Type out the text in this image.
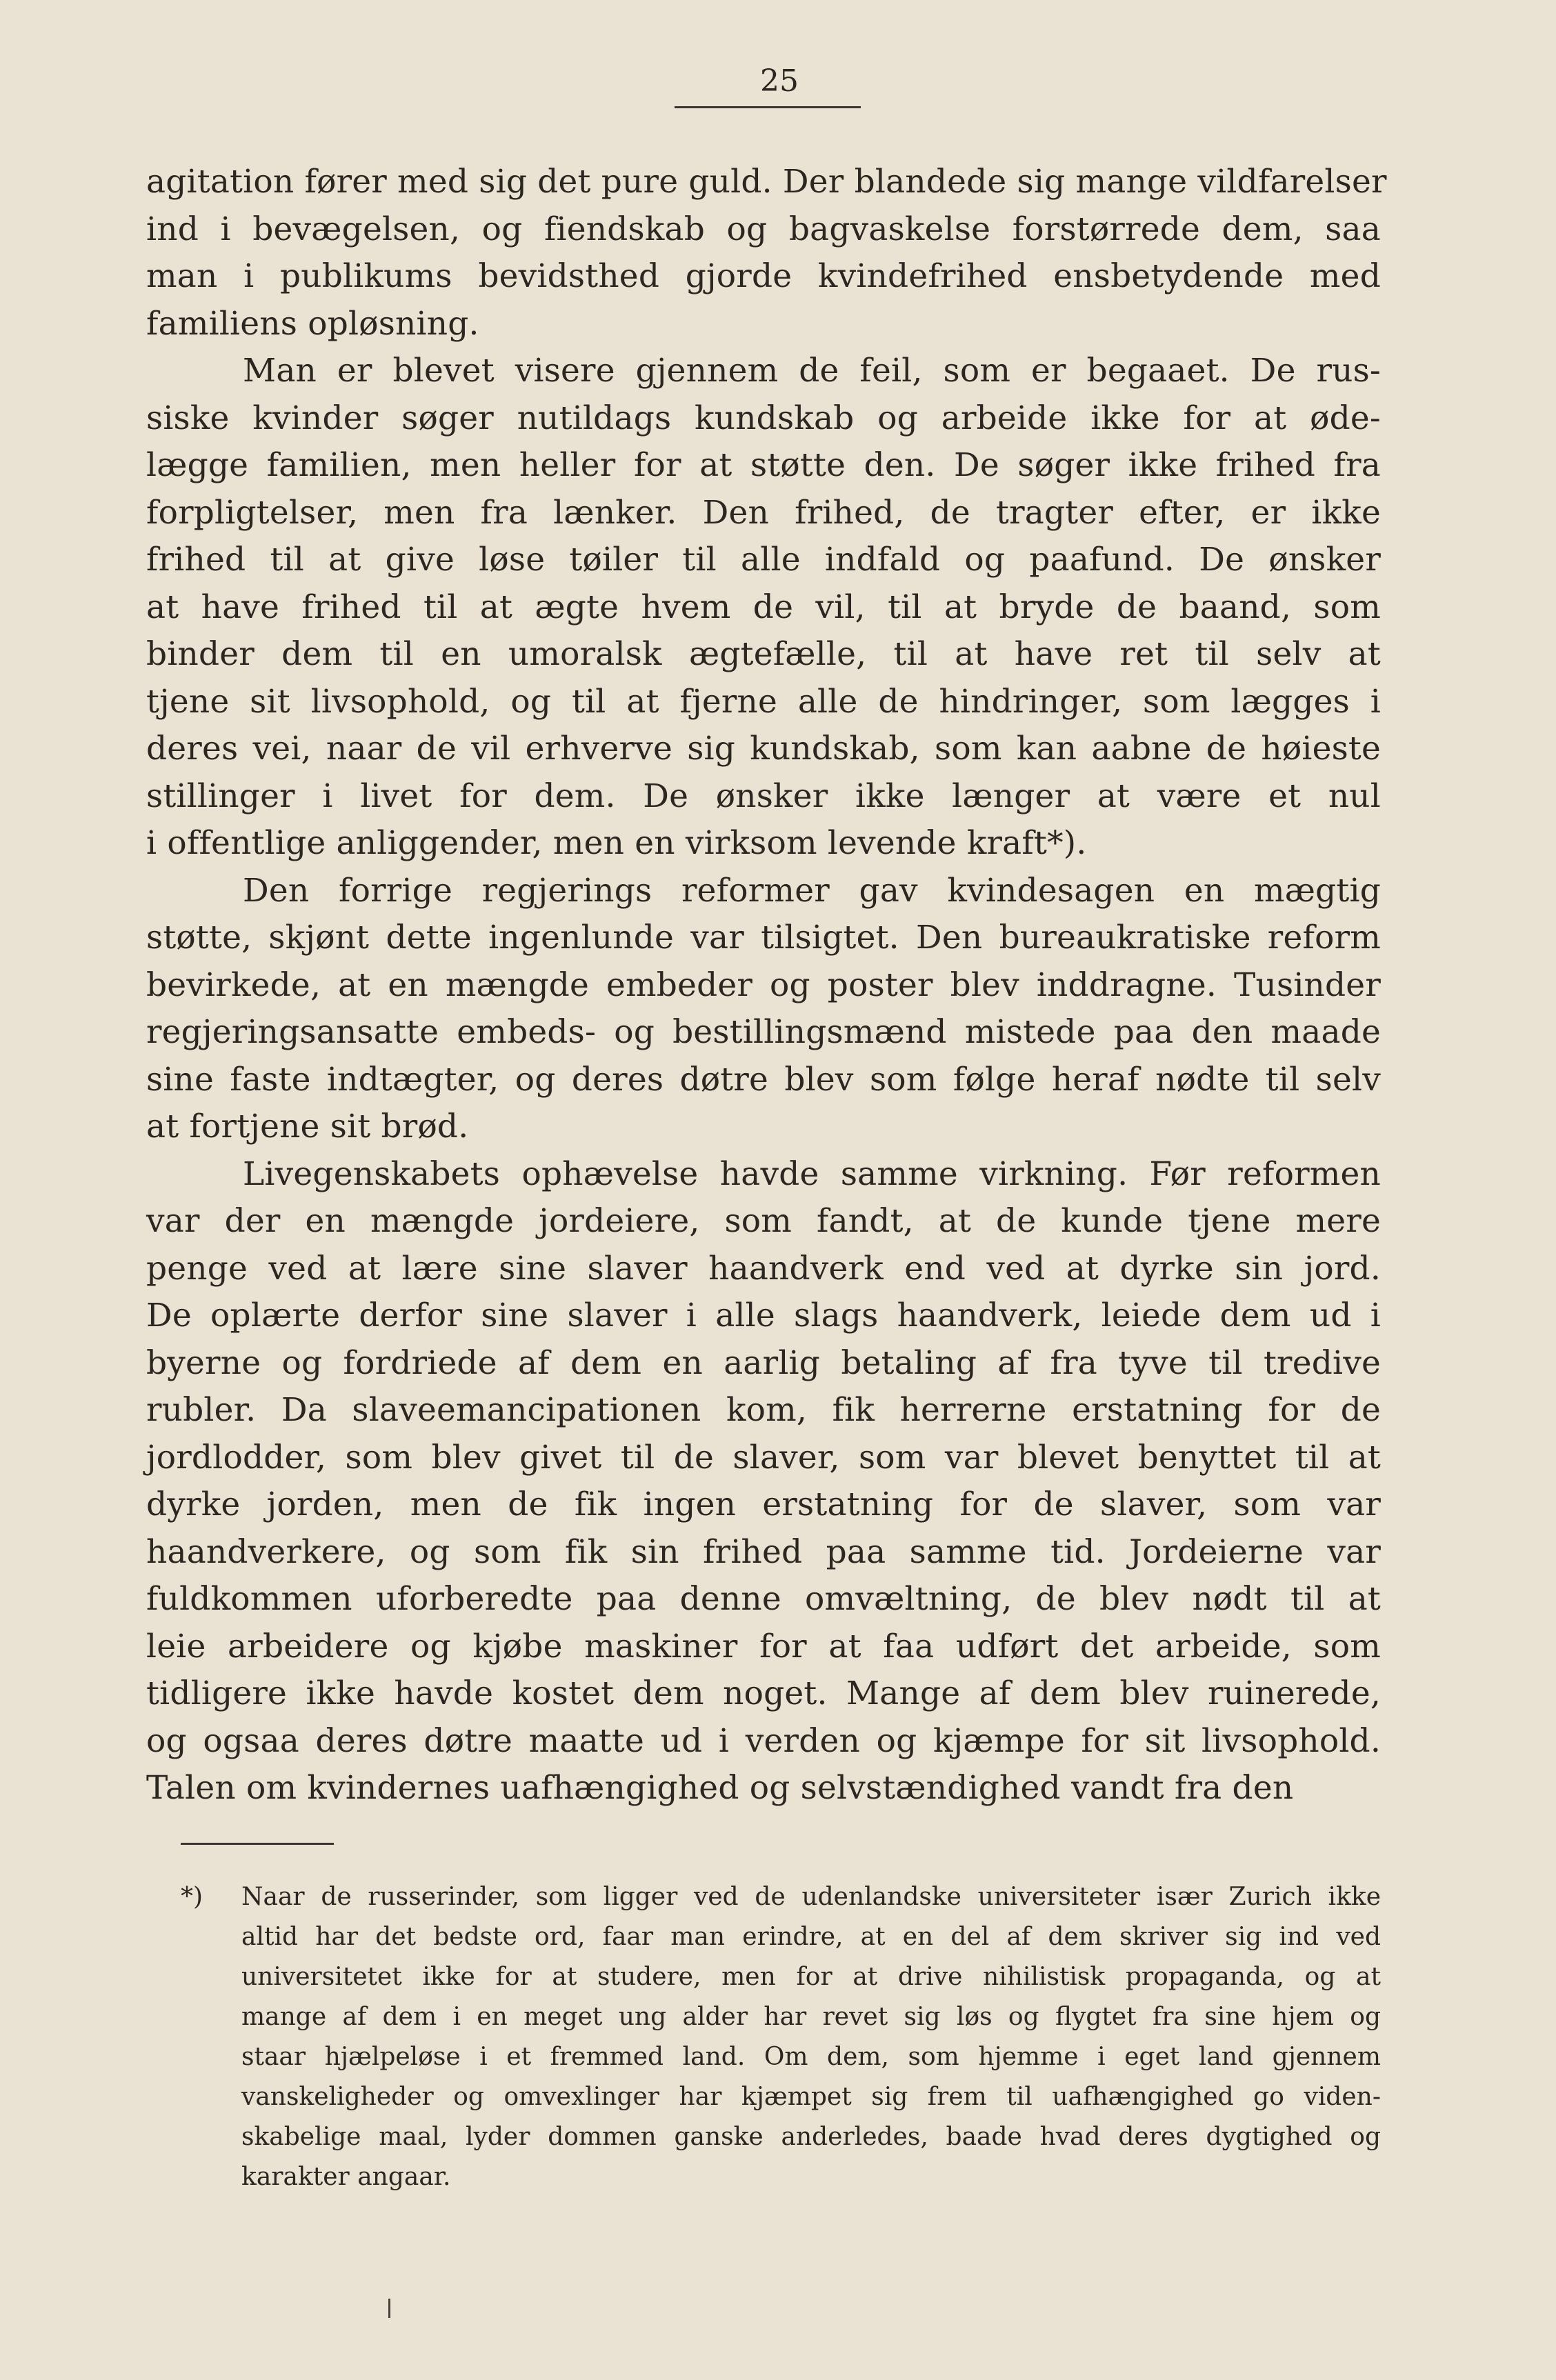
25
agitation fører med sig det pure guld. Der blandede sig mange vildfarelser
ind i bevægelsen, og fiendskab og bagvaskelse forstørrede dem, saa
man i publikums bevidsthed gjorde kvindefrihed ensbetydende med
familiens opløsning.
Man er blevet visere gjennem de feil, som er begaaet. De rus-
siske kvinder søger nutildags kundskab og arbeide ikke for at øde-
lægge familien, men heller for at støtte den. De søger ikke frihed fra
forpligtelser, men fra lænker. Den frihed, de tragter efter, er ikke
frihed til at give løse tøiler til alle indfald og paafund. De ønsker
at have frihed til at ægte hvem de vil, til at bryde de baand, som
binder dem til en umoralsk ægtefælle, til at have ret til selv at
tjene sit livsophold, og til at fjerne alle de hindringer, som lægges i
deres vei, naar de vil erhverve sig kundskab, som kan aabne de høieste
stillinger i livet for dem. De ønsker ikke længer at være et nul
i offentlige anliggender, men en virksom levende kraft*).
Den forrige regjerings reformer gav kvindesagen en mægtig
støtte, skjønt dette ingenlunde var tilsigtet. Den bureaukratiske reform
bevirkede, at en mængde embeder og poster blev inddragne. Tusinder
regjeringsansatte embeds- og bestillingsmænd mistede paa den maade
sine faste indtægter, og deres døtre blev som følge heraf nødte til selv
at fortjene sit brød.
Livegenskabets ophævelse havde samme virkning. Før reformen
var der en mængde jordeiere, som fandt, at de kunde tjene mere
penge ved at lære sine slaver haandverk end ved at dyrke sin jord.
De oplærte derfor sine slaver i alle slags haandverk, leiede dem ud i
byerne og fordriede af dem en aarlig betaling af fra tyve til tredive
rubler. Da slaveemancipationen kom, fik herrerne erstatning for de
jordlodder, som blev givet til de slaver, som var blevet benyttet til at
dyrke jorden, men de fik ingen erstatning for de slaver, som var
haandverkere, og som fik sin frihed paa samme tid. Jordeierne var
fuldkommen uforberedte paa denne omvæltning, de blev nødt til at
leie arbeidere og kjøbe maskiner for at faa udført det arbeide, som
tidligere ikke havde kostet dem noget. Mange af dem blev ruinerede,
og ogsaa deres døtre maatte ud i verden og kjæmpe for sit livsophold.
Talen om kvindernes uafhængighed og selvstændighed vandt fra den
*) Naar de russerinder, som ligger ved de udenlandske universiteter især Zurich ikke
altid har det bedste ord, faar man erindre, at en del af dem skriver sig ind ved
universitetet ikke for at studere, men for at drive nihilistisk propaganda, og at
mange af dem i en meget ung alder har revet sig løs og flygtet fra sine hjem og
staar hjælpeløse i et fremmed land. Om dem, som hjemme i eget land gjennem
vanskeligheder og omvexlinger har kjæmpet sig frem til uafhængighed go viden-
skabelige maal, lyder dommen ganske anderledes, baade hvad deres dygtighed og
karakter angaar.
